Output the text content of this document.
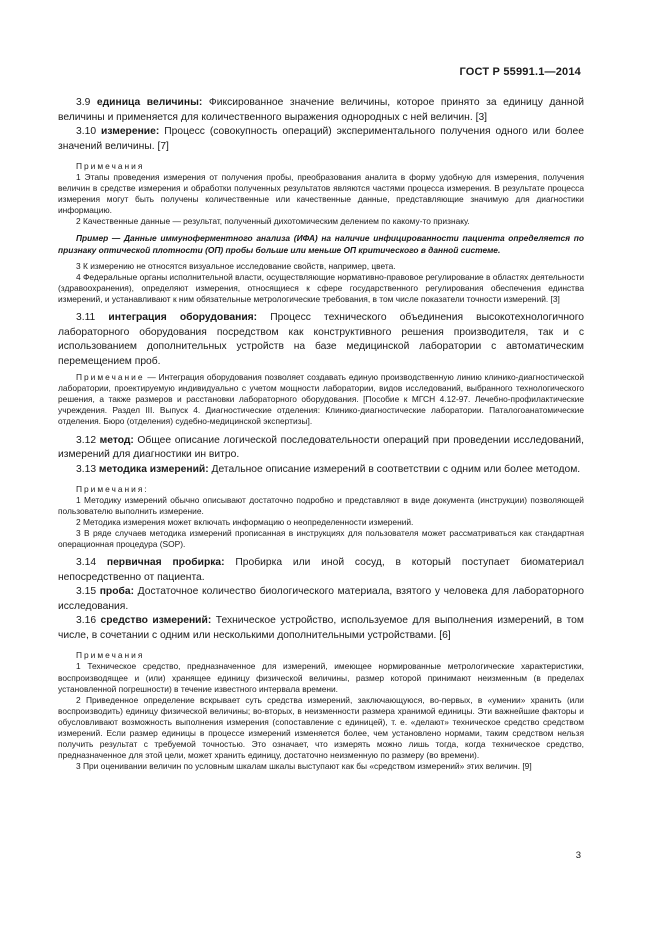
ГОСТ Р 55991.1—2014

3.9 единица величины: Фиксированное значение величины, которое принято за единицу данной величины и применяется для количественного выражения однородных с ней величин. [3]

3.10 измерение: Процесс (совокупность операций) экспериментального получения одного или более значений величины. [7]

Примечания

1 Этапы проведения измерения от получения пробы, преобразования аналита в форму удобную для измерения, получения величин в средстве измерения и обработки полученных результатов являются частями процесса измерения. В результате процесса измерения могут быть получены количественные или качественные данные, представляющие значимую для диагностики информацию.

2 Качественные данные — результат, полученный дихотомическим делением по какому-то признаку.

Пример — Данные иммуноферментного анализа (ИФА) на наличие инфицированности пациента определяется по признаку оптической плотности (ОП) пробы больше или меньше ОП критического в данной системе.

3 К измерению не относятся визуальное исследование свойств, например, цвета.

4 Федеральные органы исполнительной власти, осуществляющие нормативно-правовое регулирование в областях деятельности (здравоохранения), определяют измерения, относящиеся к сфере государственного регулирования обеспечения единства измерений, и устанавливают к ним обязательные метрологические требования, в том числе показатели точности измерений. [3]

3.11 интеграция оборудования: Процесс технического объединения высокотехнологичного лабораторного оборудования посредством как конструктивного решения производителя, так и с использованием дополнительных устройств на базе медицинской лаборатории с автоматическим перемещением проб.

Примечание — Интеграция оборудования позволяет создавать единую производственную линию клинико-диагностической лаборатории, проектируемую индивидуально с учетом мощности лаборатории, видов исследований, выбранного технологического решения, а также размеров и расстановки лабораторного оборудования. [Пособие к МГСН 4.12-97. Лечебно-профилактические учреждения. Раздел III. Выпуск 4. Диагностические отделения: Клинико-диагностические лаборатории. Паталогоанатомические отделения. Бюро (отделения) судебно-медицинской экспертизы].

3.12 метод: Общее описание логической последовательности операций при проведении исследований, измерений для диагностики ин витро.

3.13 методика измерений: Детальное описание измерений в соответствии с одним или более методом.

Примечания:

1 Методику измерений обычно описывают достаточно подробно и представляют в виде документа (инструкции) позволяющей пользователю выполнить измерение.

2 Методика измерения может включать информацию о неопределенности измерений.

3 В ряде случаев методика измерений прописанная в инструкциях для пользователя может рассматриваться как стандартная операционная процедура (SOP).

3.14 первичная пробирка: Пробирка или иной сосуд, в который поступает биоматериал непосредственно от пациента.

3.15 проба: Достаточное количество биологического материала, взятого у человека для лабораторного исследования.

3.16 средство измерений: Техническое устройство, используемое для выполнения измерений, в том числе, в сочетании с одним или несколькими дополнительными устройствами. [6]

Примечания

1 Техническое средство, предназначенное для измерений, имеющее нормированные метрологические характеристики, воспроизводящее и (или) хранящее единицу физической величины, размер которой принимают неизменным (в пределах установленной погрешности) в течение известного интервала времени.

2 Приведенное определение вскрывает суть средства измерений, заключающуюся, во-первых, в «умении» хранить (или воспроизводить) единицу физической величины; во-вторых, в неизменности размера хранимой единицы. Эти важнейшие факторы и обусловливают возможность выполнения измерения (сопоставление с единицей), т. е. «делают» техническое средство средством измерений. Если размер единицы в процессе измерений изменяется более, чем установлено нормами, таким средством нельзя получить результат с требуемой точностью. Это означает, что измерять можно лишь тогда, когда техническое средство, предназначенное для этой цели, может хранить единицу, достаточно неизменную по размеру (во времени).

3 При оценивании величин по условным шкалам шкалы выступают как бы «средством измерений» этих величин. [9]

3
